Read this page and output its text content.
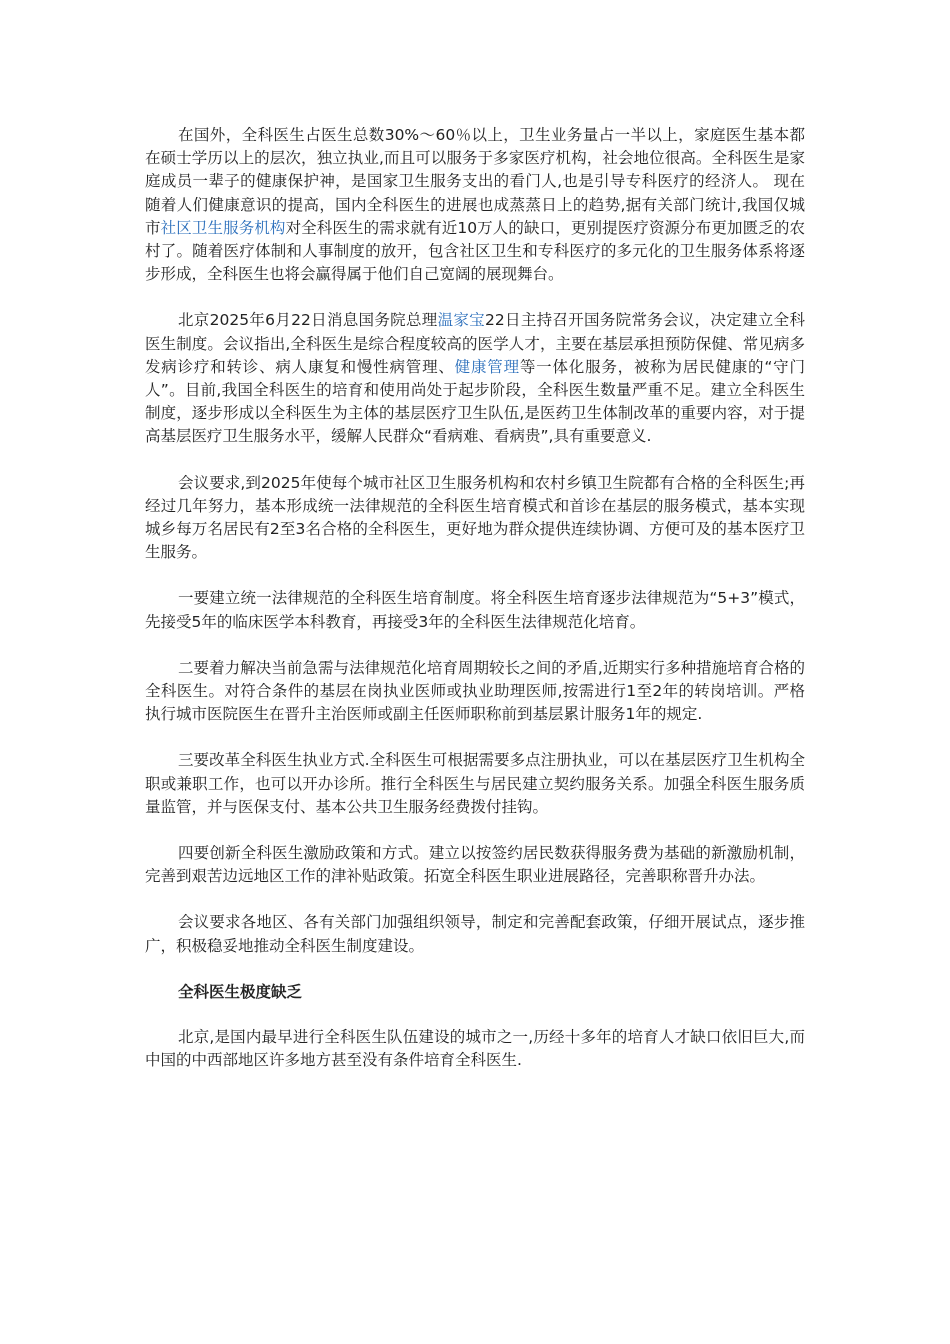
在国外，全科医生占医生总数30%～60％以上，卫生业务量占一半以上，家庭医生基本都在硕士学历以上的层次，独立执业,而且可以服务于多家医疗机构，社会地位很高。全科医生是家庭成员一辈子的健康保护神，是国家卫生服务支出的看门人,也是引导专科医疗的经济人。 现在随着人们健康意识的提高，国内全科医生的进展也成蒸蒸日上的趋势,据有关部门统计,我国仅城市社区卫生服务机构对全科医生的需求就有近10万人的缺口，更别提医疗资源分布更加匮乏的农村了。随着医疗体制和人事制度的放开，包含社区卫生和专科医疗的多元化的卫生服务体系将逐步形成，全科医生也将会赢得属于他们自己宽阔的展现舞台。

北京2025年6月22日消息国务院总理温家宝22日主持召开国务院常务会议，决定建立全科医生制度。会议指出,全科医生是综合程度较高的医学人才，主要在基层承担预防保健、常见病多发病诊疗和转诊、病人康复和慢性病管理、健康管理等一体化服务，被称为居民健康的“守门人”。目前,我国全科医生的培育和使用尚处于起步阶段，全科医生数量严重不足。建立全科医生制度，逐步形成以全科医生为主体的基层医疗卫生队伍,是医药卫生体制改革的重要内容，对于提高基层医疗卫生服务水平，缓解人民群众“看病难、看病贵”,具有重要意义.

会议要求,到2025年使每个城市社区卫生服务机构和农村乡镇卫生院都有合格的全科医生;再经过几年努力，基本形成统一法律规范的全科医生培育模式和首诊在基层的服务模式，基本实现城乡每万名居民有2至3名合格的全科医生，更好地为群众提供连续协调、方便可及的基本医疗卫生服务。

一要建立统一法律规范的全科医生培育制度。将全科医生培育逐步法律规范为“5+3”模式，先接受5年的临床医学本科教育，再接受3年的全科医生法律规范化培育。

二要着力解决当前急需与法律规范化培育周期较长之间的矛盾,近期实行多种措施培育合格的全科医生。对符合条件的基层在岗执业医师或执业助理医师,按需进行1至2年的转岗培训。严格执行城市医院医生在晋升主治医师或副主任医师职称前到基层累计服务1年的规定.

三要改革全科医生执业方式.全科医生可根据需要多点注册执业，可以在基层医疗卫生机构全职或兼职工作，也可以开办诊所。推行全科医生与居民建立契约服务关系。加强全科医生服务质量监管，并与医保支付、基本公共卫生服务经费拨付挂钩。

四要创新全科医生激励政策和方式。建立以按签约居民数获得服务费为基础的新激励机制，完善到艰苦边远地区工作的津补贴政策。拓宽全科医生职业进展路径，完善职称晋升办法。

会议要求各地区、各有关部门加强组织领导，制定和完善配套政策，仔细开展试点，逐步推广，积极稳妥地推动全科医生制度建设。

全科医生极度缺乏

北京,是国内最早进行全科医生队伍建设的城市之一,历经十多年的培育人才缺口依旧巨大,而中国的中西部地区许多地方甚至没有条件培育全科医生.
